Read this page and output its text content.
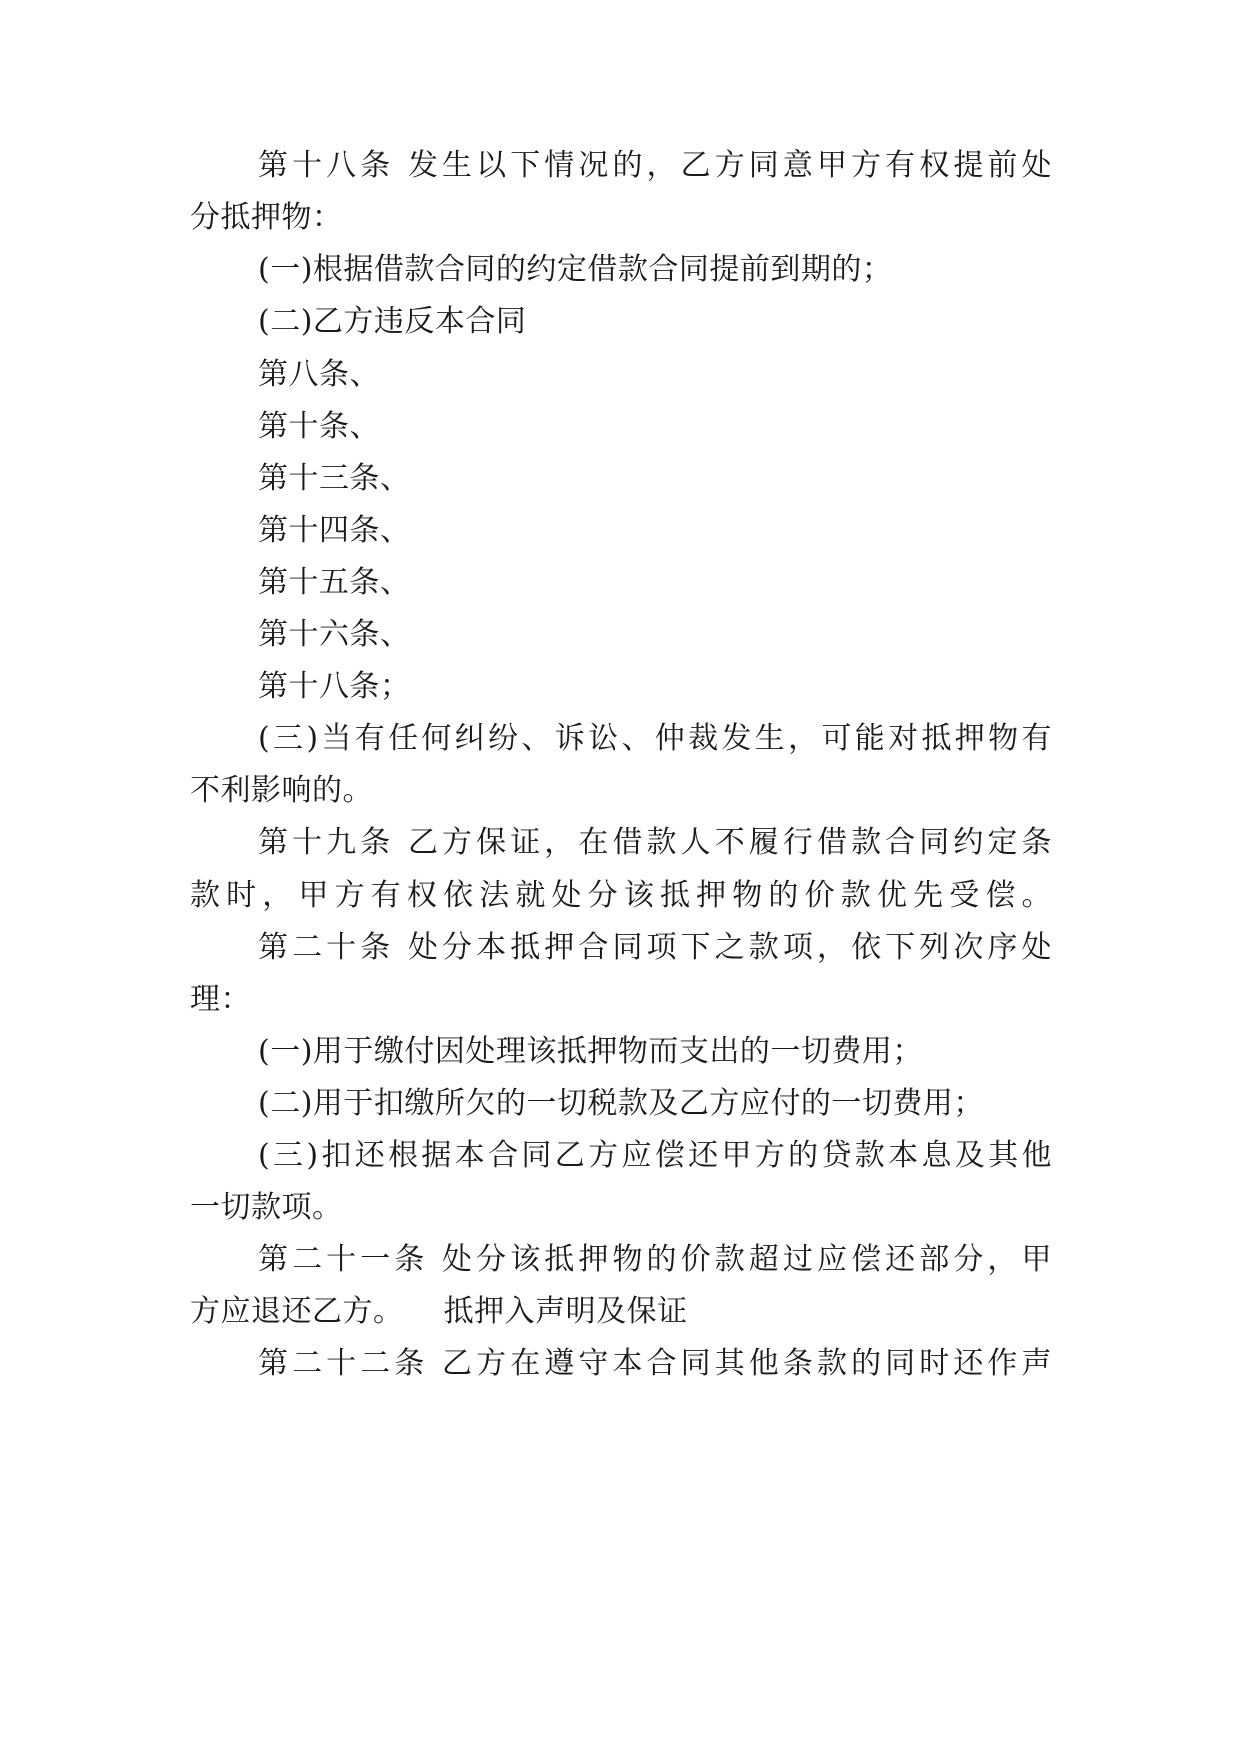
第十八条 发生以下情况的，乙方同意甲方有权提前处

分抵押物：

(一)根据借款合同的约定借款合同提前到期的；

(二)乙方违反本合同

第八条、

第十条、

第十三条、

第十四条、

第十五条、

第十六条、

第十八条；

(三)当有任何纠纷、诉讼、仲裁发生，可能对抵押物有

不利影响的。

第十九条 乙方保证，在借款人不履行借款合同约定条

款时，甲方有权依法就处分该抵押物的价款优先受偿。

第二十条 处分本抵押合同项下之款项，依下列次序处

理：

(一)用于缴付因处理该抵押物而支出的一切费用；

(二)用于扣缴所欠的一切税款及乙方应付的一切费用；

(三)扣还根据本合同乙方应偿还甲方的贷款本息及其他

一切款项。

第二十一条 处分该抵押物的价款超过应偿还部分，甲

方应退还乙方。    抵押入声明及保证

第二十二条 乙方在遵守本合同其他条款的同时还作声
